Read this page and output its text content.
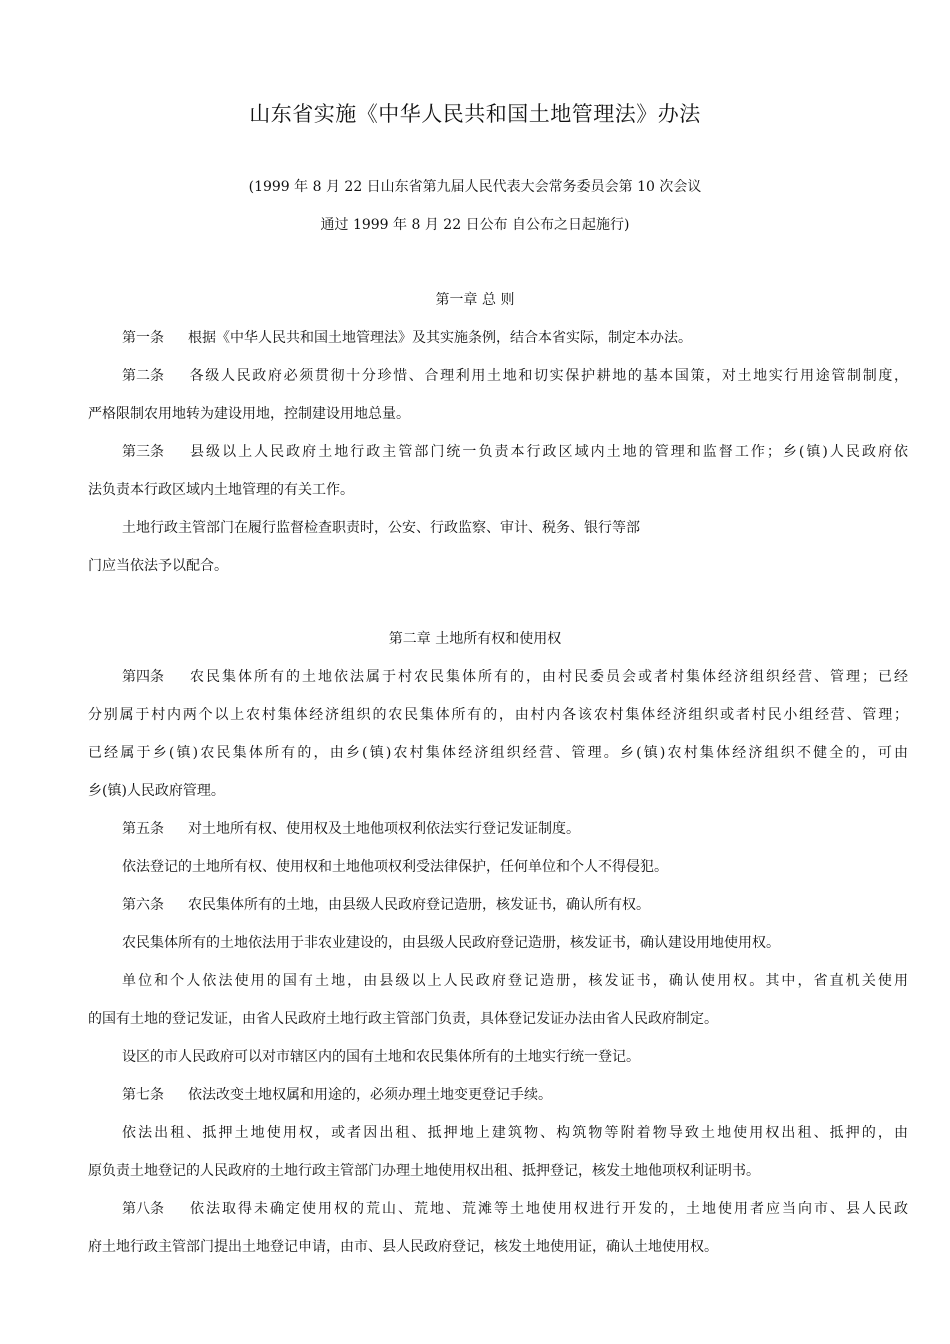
山东省实施《中华人民共和国土地管理法》办法
(1999 年 8 月 22 日山东省第九届人民代表大会常务委员会第 10 次会议
通过 1999 年 8 月 22 日公布 自公布之日起施行)
第一章 总 则
第一条 根据《中华人民共和国土地管理法》及其实施条例，结合本省实际，制定本办法。
第二条 各级人民政府必须贯彻十分珍惜、合理利用土地和切实保护耕地的基本国策，对土地实行用途管制制度，
严格限制农用地转为建设用地，控制建设用地总量。
第三条 县级以上人民政府土地行政主管部门统一负责本行政区域内土地的管理和监督工作；乡(镇)人民政府依
法负责本行政区域内土地管理的有关工作。
土地行政主管部门在履行监督检查职责时，公安、行政监察、审计、税务、银行等部
门应当依法予以配合。
第二章 土地所有权和使用权
第四条 农民集体所有的土地依法属于村农民集体所有的，由村民委员会或者村集体经济组织经营、管理；已经
分别属于村内两个以上农村集体经济组织的农民集体所有的，由村内各该农村集体经济组织或者村民小组经营、管理；
已经属于乡(镇)农民集体所有的，由乡(镇)农村集体经济组织经营、管理。乡(镇)农村集体经济组织不健全的，可由
乡(镇)人民政府管理。
第五条 对土地所有权、使用权及土地他项权利依法实行登记发证制度。
依法登记的土地所有权、使用权和土地他项权利受法律保护，任何单位和个人不得侵犯。
第六条 农民集体所有的土地，由县级人民政府登记造册，核发证书，确认所有权。
农民集体所有的土地依法用于非农业建设的，由县级人民政府登记造册，核发证书，确认建设用地使用权。
单位和个人依法使用的国有土地，由县级以上人民政府登记造册，核发证书，确认使用权。其中，省直机关使用
的国有土地的登记发证，由省人民政府土地行政主管部门负责，具体登记发证办法由省人民政府制定。
设区的市人民政府可以对市辖区内的国有土地和农民集体所有的土地实行统一登记。
第七条 依法改变土地权属和用途的，必须办理土地变更登记手续。
依法出租、抵押土地使用权，或者因出租、抵押地上建筑物、构筑物等附着物导致土地使用权出租、抵押的，由
原负责土地登记的人民政府的土地行政主管部门办理土地使用权出租、抵押登记，核发土地他项权利证明书。
第八条 依法取得未确定使用权的荒山、荒地、荒滩等土地使用权进行开发的，土地使用者应当向市、县人民政
府土地行政主管部门提出土地登记申请，由市、县人民政府登记，核发土地使用证，确认土地使用权。
